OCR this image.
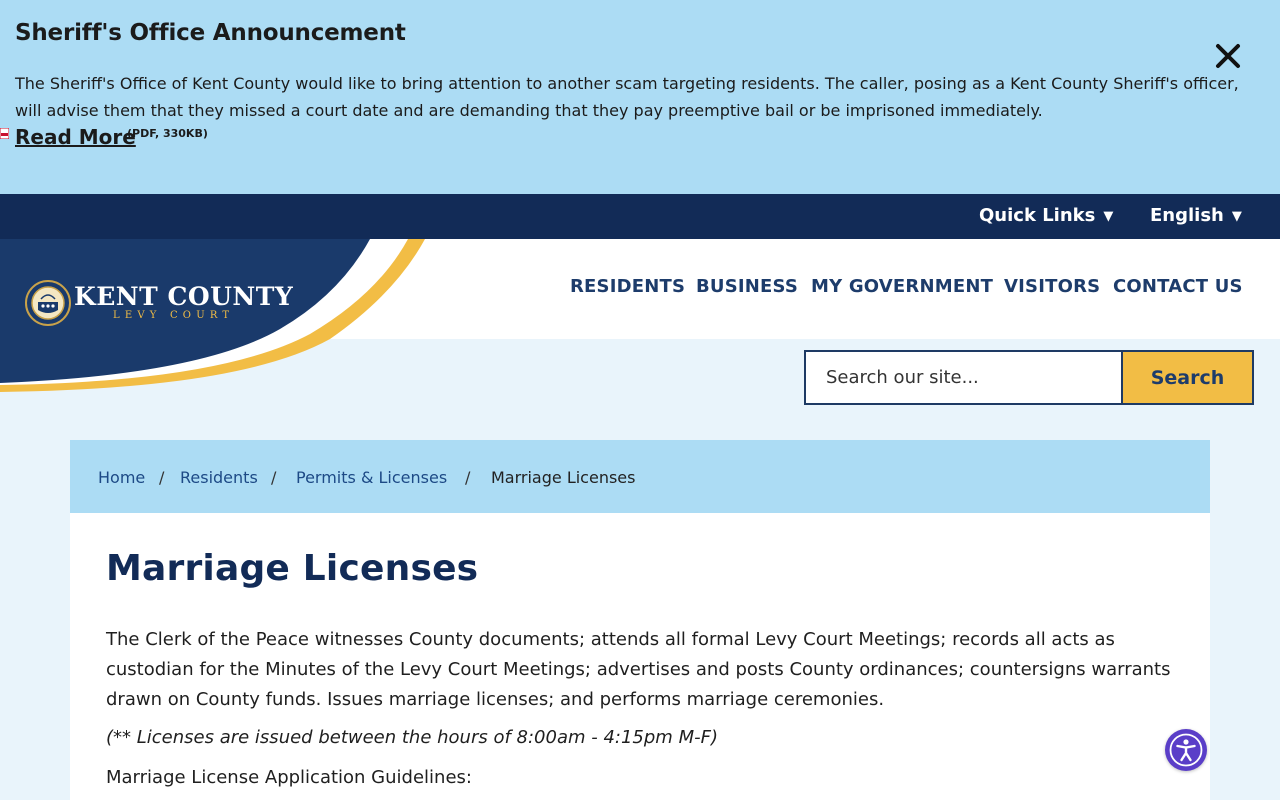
Sheriff's Office Announcement
The Sheriff's Office of Kent County would like to bring attention to another scam targeting residents. The caller, posing as a Kent County Sheriff's officer, will advise them that they missed a court date and are demanding that they pay preemptive bail or be imprisoned immediately.
Read More
(PDF, 330KB)
Quick Links ▼ English ▼
KENT COUNTY
LEVY COURT
RESIDENTS BUSINESS MY GOVERNMENT VISITORS CONTACT US
Search our site...
Search
Home / Residents / Permits & Licenses / Marriage Licenses
Marriage Licenses

The Clerk of the Peace witnesses County documents; attends all formal Levy Court Meetings; records all acts as custodian for the Minutes of the Levy Court Meetings; advertises and posts County ordinances; countersigns warrants drawn on County funds. Issues marriage licenses; and performs marriage ceremonies.

(** Licenses are issued between the hours of 8:00am - 4:15pm M-F)

Marriage License Application Guidelines:
